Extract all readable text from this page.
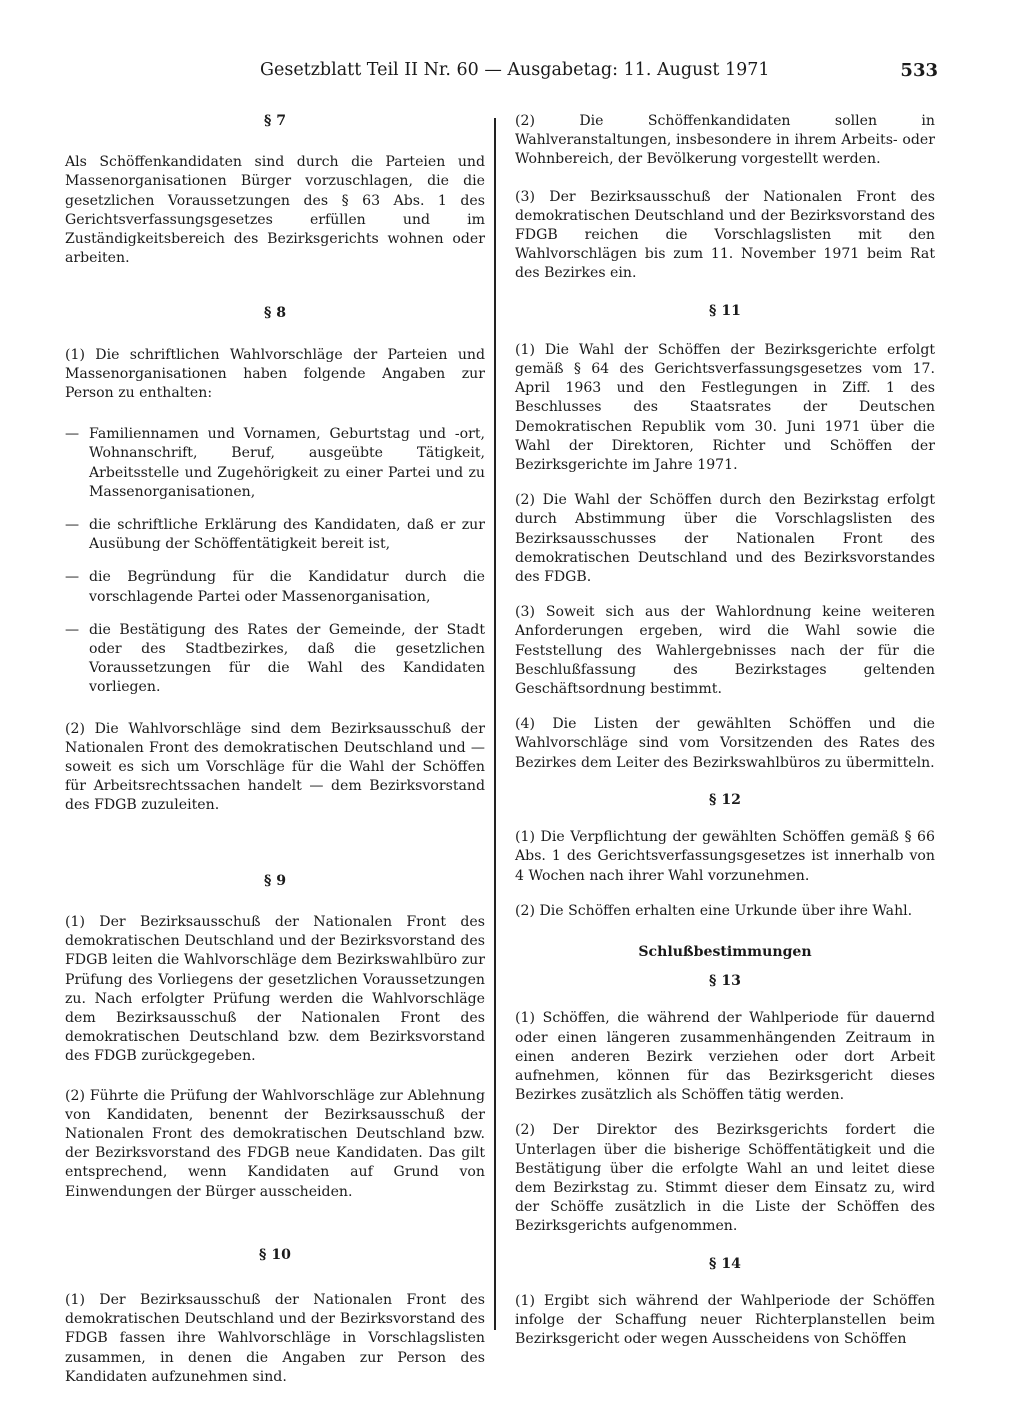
Gesetzblatt Teil II Nr. 60 — Ausgabetag: 11. August 1971	533

§ 7

Als Schöffenkandidaten sind durch die Parteien und Massenorganisationen Bürger vorzuschlagen, die die gesetzlichen Voraussetzungen des § 63 Abs. 1 des Gerichtsverfassungsgesetzes erfüllen und im Zuständigkeitsbereich des Bezirksgerichts wohnen oder arbeiten.

§ 8

(1) Die schriftlichen Wahlvorschläge der Parteien und Massenorganisationen haben folgende Angaben zur Person zu enthalten:

— Familiennamen und Vornamen, Geburtstag und -ort, Wohnanschrift, Beruf, ausgeübte Tätigkeit, Arbeitsstelle und Zugehörigkeit zu einer Partei und zu Massenorganisationen,
— die schriftliche Erklärung des Kandidaten, daß er zur Ausübung der Schöffentätigkeit bereit ist,
— die Begründung für die Kandidatur durch die vorschlagende Partei oder Massenorganisation,
— die Bestätigung des Rates der Gemeinde, der Stadt oder des Stadtbezirkes, daß die gesetzlichen Voraussetzungen für die Wahl des Kandidaten vorliegen.

(2) Die Wahlvorschläge sind dem Bezirksausschuß der Nationalen Front des demokratischen Deutschland und — soweit es sich um Vorschläge für die Wahl der Schöffen für Arbeitsrechtssachen handelt — dem Bezirksvorstand des FDGB zuzuleiten.

§ 9

(1) Der Bezirksausschuß der Nationalen Front des demokratischen Deutschland und der Bezirksvorstand des FDGB leiten die Wahlvorschläge dem Bezirkswahlbüro zur Prüfung des Vorliegens der gesetzlichen Voraussetzungen zu. Nach erfolgter Prüfung werden die Wahlvorschläge dem Bezirksausschuß der Nationalen Front des demokratischen Deutschland bzw. dem Bezirksvorstand des FDGB zurückgegeben.

(2) Führte die Prüfung der Wahlvorschläge zur Ablehnung von Kandidaten, benennt der Bezirksausschuß der Nationalen Front des demokratischen Deutschland bzw. der Bezirksvorstand des FDGB neue Kandidaten. Das gilt entsprechend, wenn Kandidaten auf Grund von Einwendungen der Bürger ausscheiden.

§ 10

(1) Der Bezirksausschuß der Nationalen Front des demokratischen Deutschland und der Bezirksvorstand des FDGB fassen ihre Wahlvorschläge in Vorschlagslisten zusammen, in denen die Angaben zur Person des Kandidaten aufzunehmen sind.

(2) Die Schöffenkandidaten sollen in Wahlveranstaltungen, insbesondere in ihrem Arbeits- oder Wohnbereich, der Bevölkerung vorgestellt werden.

(3) Der Bezirksausschuß der Nationalen Front des demokratischen Deutschland und der Bezirksvorstand des FDGB reichen die Vorschlagslisten mit den Wahlvorschlägen bis zum 11. November 1971 beim Rat des Bezirkes ein.

§ 11

(1) Die Wahl der Schöffen der Bezirksgerichte erfolgt gemäß § 64 des Gerichtsverfassungsgesetzes vom 17. April 1963 und den Festlegungen in Ziff. 1 des Beschlusses des Staatsrates der Deutschen Demokratischen Republik vom 30. Juni 1971 über die Wahl der Direktoren, Richter und Schöffen der Bezirksgerichte im Jahre 1971.

(2) Die Wahl der Schöffen durch den Bezirkstag erfolgt durch Abstimmung über die Vorschlagslisten des Bezirksausschusses der Nationalen Front des demokratischen Deutschland und des Bezirksvorstandes des FDGB.

(3) Soweit sich aus der Wahlordnung keine weiteren Anforderungen ergeben, wird die Wahl sowie die Feststellung des Wahlergebnisses nach der für die Beschlußfassung des Bezirkstages geltenden Geschäftsordnung bestimmt.

(4) Die Listen der gewählten Schöffen und die Wahlvorschläge sind vom Vorsitzenden des Rates des Bezirkes dem Leiter des Bezirkswahlbüros zu übermitteln.

§ 12

(1) Die Verpflichtung der gewählten Schöffen gemäß § 66 Abs. 1 des Gerichtsverfassungsgesetzes ist innerhalb von 4 Wochen nach ihrer Wahl vorzunehmen.

(2) Die Schöffen erhalten eine Urkunde über ihre Wahl.

Schlußbestimmungen

§ 13

(1) Schöffen, die während der Wahlperiode für dauernd oder einen längeren zusammenhängenden Zeitraum in einen anderen Bezirk verziehen oder dort Arbeit aufnehmen, können für das Bezirksgericht dieses Bezirkes zusätzlich als Schöffen tätig werden.

(2) Der Direktor des Bezirksgerichts fordert die Unterlagen über die bisherige Schöffentätigkeit und die Bestätigung über die erfolgte Wahl an und leitet diese dem Bezirkstag zu. Stimmt dieser dem Einsatz zu, wird der Schöffe zusätzlich in die Liste der Schöffen des Bezirksgerichts aufgenommen.

§ 14

(1) Ergibt sich während der Wahlperiode der Schöffen infolge der Schaffung neuer Richterplanstellen beim Bezirksgericht oder wegen Ausscheidens von Schöffen
